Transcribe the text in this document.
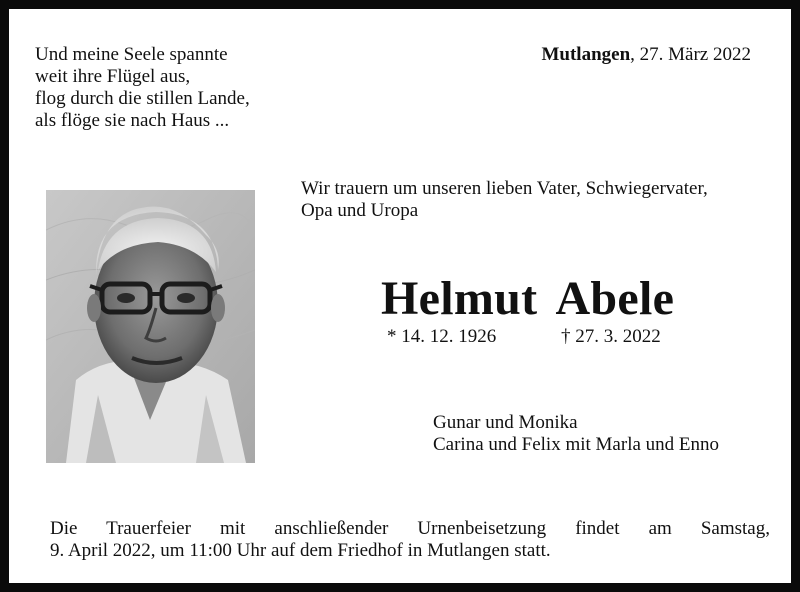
Und meine Seele spannte
weit ihre Flügel aus,
flog durch die stillen Lande,
als flöge sie nach Haus ...
Mutlangen, 27. März 2022
Wir trauern um unseren lieben Vater, Schwiegervater,
Opa und Uropa
Helmut Abele
* 14. 12. 1926	† 27. 3. 2022
Gunar und Monika
Carina und Felix mit Marla und Enno
Die Trauerfeier mit anschließender Urnenbeisetzung findet am Samstag,
9. April 2022, um 11:00 Uhr auf dem Friedhof in Mutlangen statt.
